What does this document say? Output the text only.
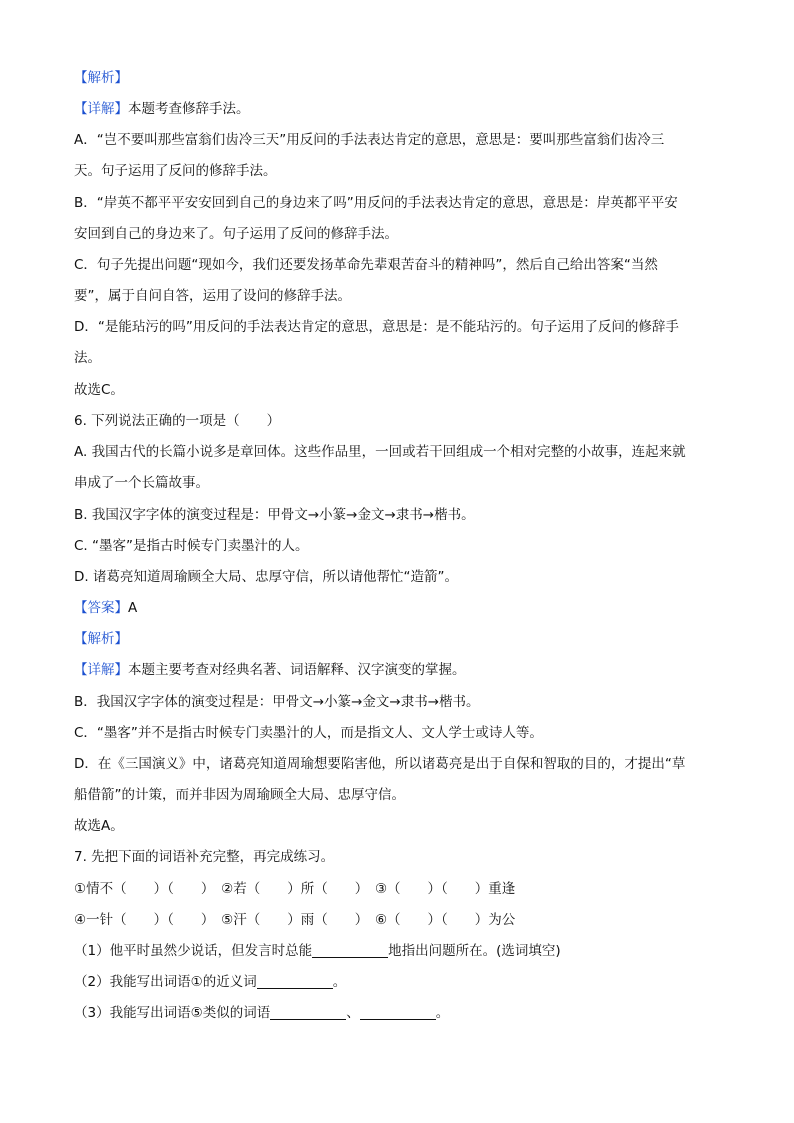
【解析】
【详解】本题考查修辞手法。
A．“岂不要叫那些富翁们齿冷三天”用反问的手法表达肯定的意思，意思是：要叫那些富翁们齿冷三
天。句子运用了反问的修辞手法。
B．“岸英不都平平安安回到自己的身边来了吗”用反问的手法表达肯定的意思，意思是：岸英都平平安
安回到自己的身边来了。句子运用了反问的修辞手法。
C．句子先提出问题“现如今，我们还要发扬革命先辈艰苦奋斗的精神吗”，然后自己给出答案“当然
要”，属于自问自答，运用了设问的修辞手法。
D．“是能玷污的吗”用反问的手法表达肯定的意思，意思是：是不能玷污的。句子运用了反问的修辞手
法。
故选C。
6. 下列说法正确的一项是（　　）
A. 我国古代的长篇小说多是章回体。这些作品里，一回或若干回组成一个相对完整的小故事，连起来就
串成了一个长篇故事。
B. 我国汉字字体的演变过程是：甲骨文→小篆→金文→隶书→楷书。
C. “墨客”是指古时候专门卖墨汁的人。
D. 诸葛亮知道周瑜顾全大局、忠厚守信，所以请他帮忙“造箭”。
【答案】A
【解析】
【详解】本题主要考查对经典名著、词语解释、汉字演变的掌握。
B．我国汉字字体的演变过程是：甲骨文→小篆→金文→隶书→楷书。
C．“墨客”并不是指古时候专门卖墨汁的人，而是指文人、文人学士或诗人等。
D．在《三国演义》中，诸葛亮知道周瑜想要陷害他，所以诸葛亮是出于自保和智取的目的，才提出“草
船借箭”的计策，而并非因为周瑜顾全大局、忠厚守信。
故选A。
7. 先把下面的词语补充完整，再完成练习。
①情不（　　）（　　）　②若（　　）所（　　）　③（　　）（　　）重逢
④一针（　　）（　　）　⑤汗（　　）雨（　　）　⑥（　　）（　　）为公
（1）他平时虽然少说话，但发言时总能	地指出问题所在。(选词填空)
（2）我能写出词语①的近义词	。
（3）我能写出词语⑤类似的词语	、	。
